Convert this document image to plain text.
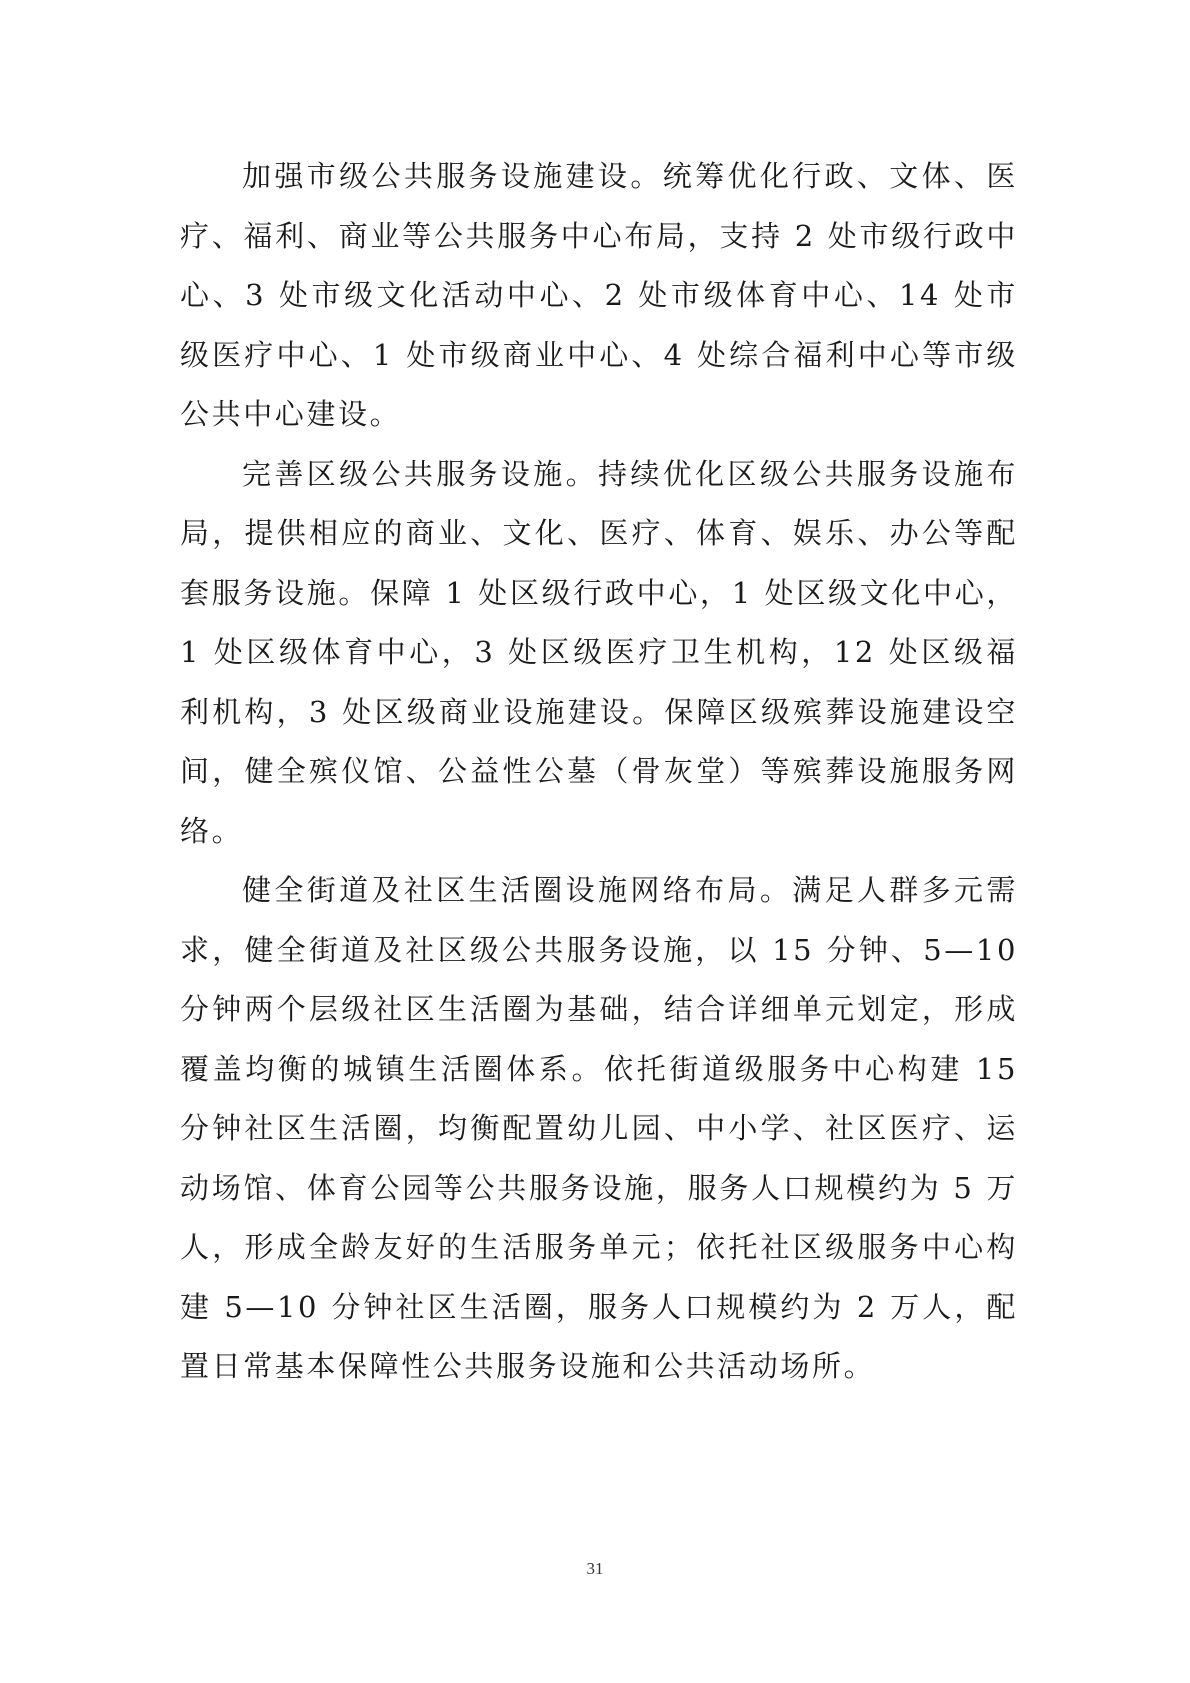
加强市级公共服务设施建设。统筹优化行政、文体、医疗、福利、商业等公共服务中心布局，支持 2 处市级行政中心、3 处市级文化活动中心、2 处市级体育中心、14 处市级医疗中心、1 处市级商业中心、4 处综合福利中心等市级公共中心建设。

完善区级公共服务设施。持续优化区级公共服务设施布局，提供相应的商业、文化、医疗、体育、娱乐、办公等配套服务设施。保障 1 处区级行政中心，1 处区级文化中心，1 处区级体育中心，3 处区级医疗卫生机构，12 处区级福利机构，3 处区级商业设施建设。保障区级殡葬设施建设空间，健全殡仪馆、公益性公墓（骨灰堂）等殡葬设施服务网络。

健全街道及社区生活圈设施网络布局。满足人群多元需求，健全街道及社区级公共服务设施，以 15 分钟、5—10 分钟两个层级社区生活圈为基础，结合详细单元划定，形成覆盖均衡的城镇生活圈体系。依托街道级服务中心构建 15 分钟社区生活圈，均衡配置幼儿园、中小学、社区医疗、运动场馆、体育公园等公共服务设施，服务人口规模约为 5 万人，形成全龄友好的生活服务单元；依托社区级服务中心构建 5—10 分钟社区生活圈，服务人口规模约为 2 万人，配置日常基本保障性公共服务设施和公共活动场所。

31
